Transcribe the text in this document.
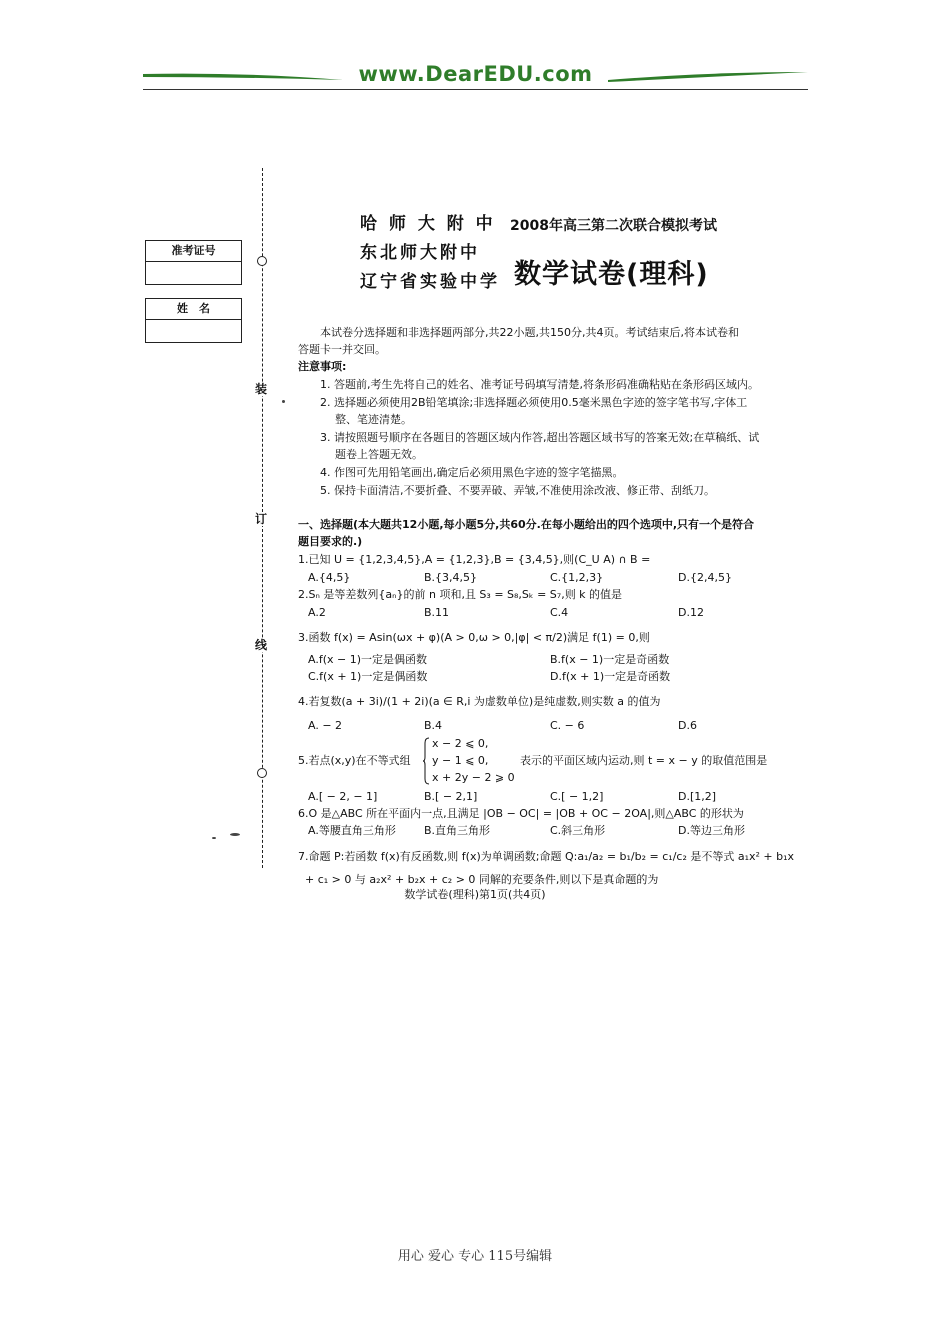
www.DearEDU.com
装
订
线
准考证号
姓　名
哈 师 大 附 中
东北师大附中
辽宁省实验中学
2008年高三第二次联合模拟考试
数学试卷(理科)
本试卷分选择题和非选择题两部分,共22小题,共150分,共4页。考试结束后,将本试卷和
答题卡一并交回。
注意事项:
1. 答题前,考生先将自己的姓名、准考证号码填写清楚,将条形码准确粘贴在条形码区域内。
2. 选择题必须使用2B铅笔填涂;非选择题必须使用0.5毫米黑色字迹的签字笔书写,字体工
整、笔迹清楚。
3. 请按照题号顺序在各题目的答题区域内作答,超出答题区域书写的答案无效;在草稿纸、试
题卷上答题无效。
4. 作图可先用铅笔画出,确定后必须用黑色字迹的签字笔描黑。
5. 保持卡面清洁,不要折叠、不要弄破、弄皱,不准使用涂改液、修正带、刮纸刀。
一、选择题(本大题共12小题,每小题5分,共60分.在每小题给出的四个选项中,只有一个是符合
题目要求的.)
1.已知 U = {1,2,3,4,5},A = {1,2,3},B = {3,4,5},则(C_U A) ∩ B =
A.{4,5}	B.{3,4,5}	C.{1,2,3}	D.{2,4,5}
2.Sₙ 是等差数列{aₙ}的前 n 项和,且 S₃ = S₈,Sₖ = S₇,则 k 的值是
A.2	B.11	C.4	D.12
3.函数 f(x) = Asin(ωx + φ)(A > 0,ω > 0,|φ| < π/2)满足 f(1) = 0,则
A.f(x − 1)一定是偶函数	B.f(x − 1)一定是奇函数
C.f(x + 1)一定是偶函数	D.f(x + 1)一定是奇函数
4.若复数(a + 3i)/(1 + 2i)(a ∈ R,i 为虚数单位)是纯虚数,则实数 a 的值为
A. − 2	B.4	C. − 6	D.6
5.若点(x,y)在不等式组
x − 2 ⩽ 0,
y − 1 ⩽ 0,
x + 2y − 2 ⩾ 0
表示的平面区域内运动,则 t = x − y 的取值范围是
A.[ − 2, − 1]	B.[ − 2,1]	C.[ − 1,2]	D.[1,2]
6.O 是△ABC 所在平面内一点,且满足 |OB − OC| = |OB + OC − 2OA|,则△ABC 的形状为
A.等腰直角三角形	B.直角三角形	C.斜三角形	D.等边三角形
7.命题 P:若函数 f(x)有反函数,则 f(x)为单调函数;命题 Q:a₁/a₂ = b₁/b₂ = c₁/c₂ 是不等式 a₁x² + b₁x
+ c₁ > 0 与 a₂x² + b₂x + c₂ > 0 同解的充要条件,则以下是真命题的为
数学试卷(理科)第1页(共4页)
用心 爱心 专心 115号编辑
